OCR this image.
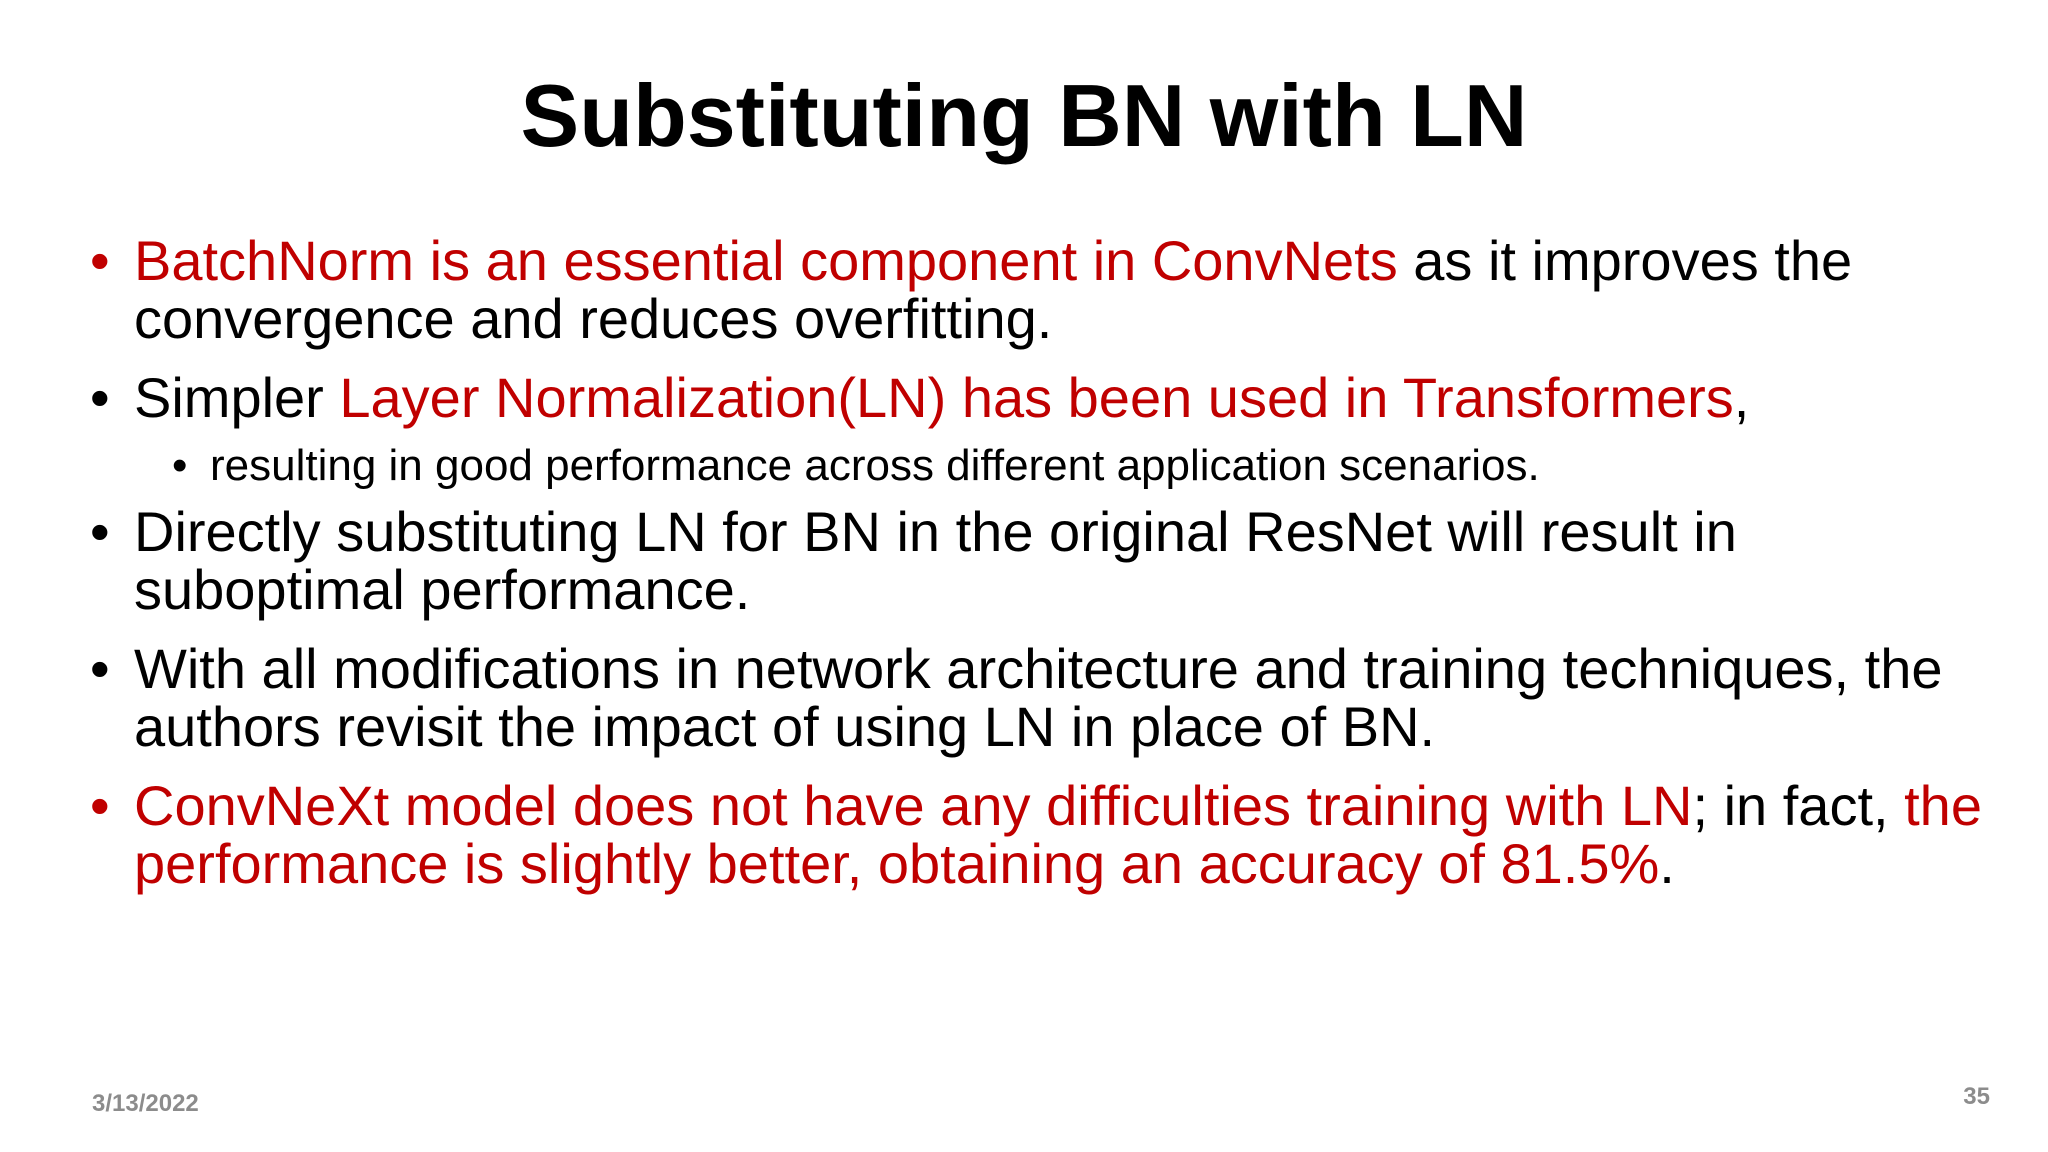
Substituting BN with LN
• BatchNorm is an essential component in ConvNets as it improves the convergence and reduces overfitting.
• Simpler Layer Normalization(LN) has been used in Transformers,
• resulting in good performance across different application scenarios.
• Directly substituting LN for BN in the original ResNet will result in suboptimal performance.
• With all modifications in network architecture and training techniques, the authors revisit the impact of using LN in place of BN.
• ConvNeXt model does not have any difficulties training with LN; in fact, the performance is slightly better, obtaining an accuracy of 81.5%.
3/13/2022	35
